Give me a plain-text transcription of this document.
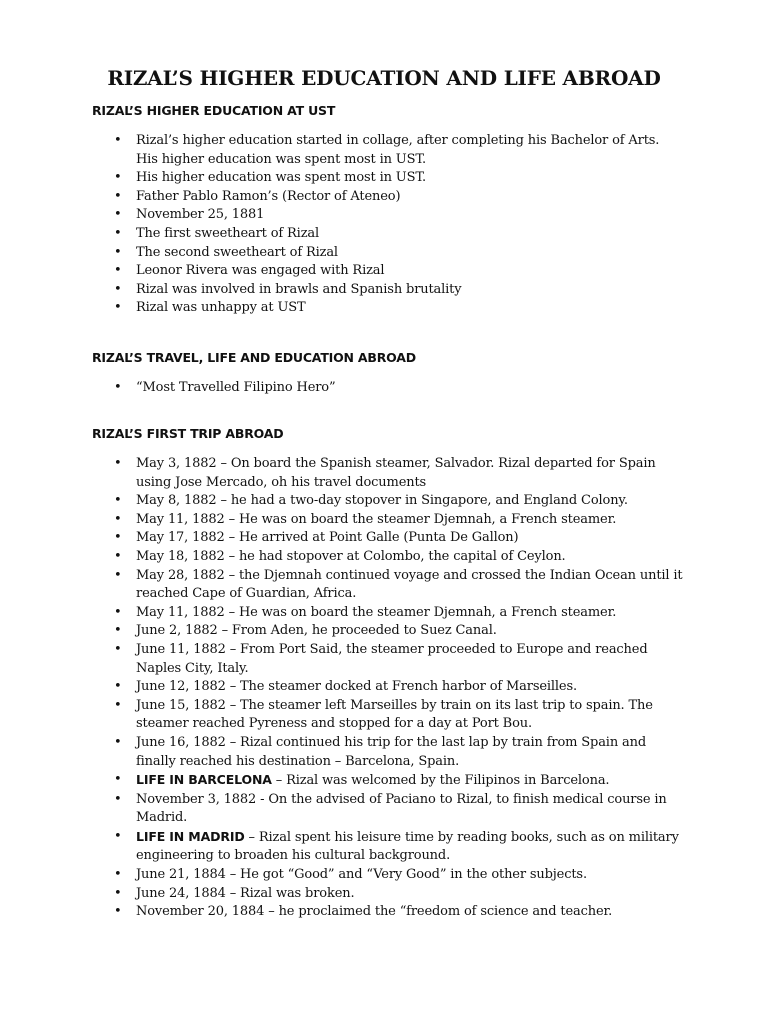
RIZAL’S HIGHER EDUCATION AND LIFE ABROAD
RIZAL’S HIGHER EDUCATION AT UST
• Rizal’s higher education started in collage, after completing his Bachelor of Arts. His higher education was spent most in UST.
• His higher education was spent most in UST.
• Father Pablo Ramon’s (Rector of Ateneo)
• November 25, 1881
• The first sweetheart of Rizal
• The second sweetheart of Rizal
• Leonor Rivera was engaged with Rizal
• Rizal was involved in brawls and Spanish brutality
• Rizal was unhappy at UST
RIZAL’S TRAVEL, LIFE AND EDUCATION ABROAD
• “Most Travelled Filipino Hero”
RIZAL’S FIRST TRIP ABROAD
• May 3, 1882 – On board the Spanish steamer, Salvador. Rizal departed for Spain using Jose Mercado, oh his travel documents
• May 8, 1882 – he had a two-day stopover in Singapore, and England Colony.
• May 11, 1882 – He was on board the steamer Djemnah, a French steamer.
• May 17, 1882 – He arrived at Point Galle (Punta De Gallon)
• May 18, 1882 – he had stopover at Colombo, the capital of Ceylon.
• May 28, 1882 – the Djemnah continued voyage and crossed the Indian Ocean until it reached Cape of Guardian, Africa.
• May 11, 1882 – He was on board the steamer Djemnah, a French steamer.
• June 2, 1882 – From Aden, he proceeded to Suez Canal.
• June 11, 1882 – From Port Said, the steamer proceeded to Europe and reached Naples City, Italy.
• June 12, 1882 – The steamer docked at French harbor of Marseilles.
• June 15, 1882 – The steamer left Marseilles by train on its last trip to spain. The steamer reached Pyreness and stopped for a day at Port Bou.
• June 16, 1882 – Rizal continued his trip for the last lap by train from Spain and finally reached his destination – Barcelona, Spain.
• LIFE IN BARCELONA – Rizal was welcomed by the Filipinos in Barcelona.
• November 3, 1882 - On the advised of Paciano to Rizal, to finish medical course in Madrid.
• LIFE IN MADRID – Rizal spent his leisure time by reading books, such as on military engineering to broaden his cultural background.
• June 21, 1884 – He got “Good” and “Very Good” in the other subjects.
• June 24, 1884 – Rizal was broken.
• November 20, 1884 – he proclaimed the “freedom of science and teacher.
